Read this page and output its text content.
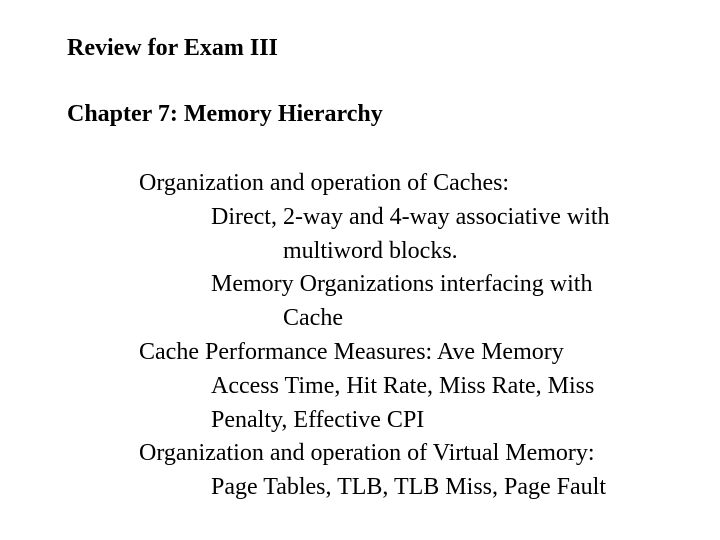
Review for Exam III
Chapter 7: Memory Hierarchy
Organization and operation of Caches:
Direct, 2-way and 4-way associative with
multiword blocks.
Memory Organizations interfacing with
Cache
Cache Performance Measures: Ave Memory
Access Time, Hit Rate, Miss Rate, Miss
Penalty, Effective CPI
Organization and operation of Virtual Memory:
Page Tables, TLB, TLB Miss, Page Fault
